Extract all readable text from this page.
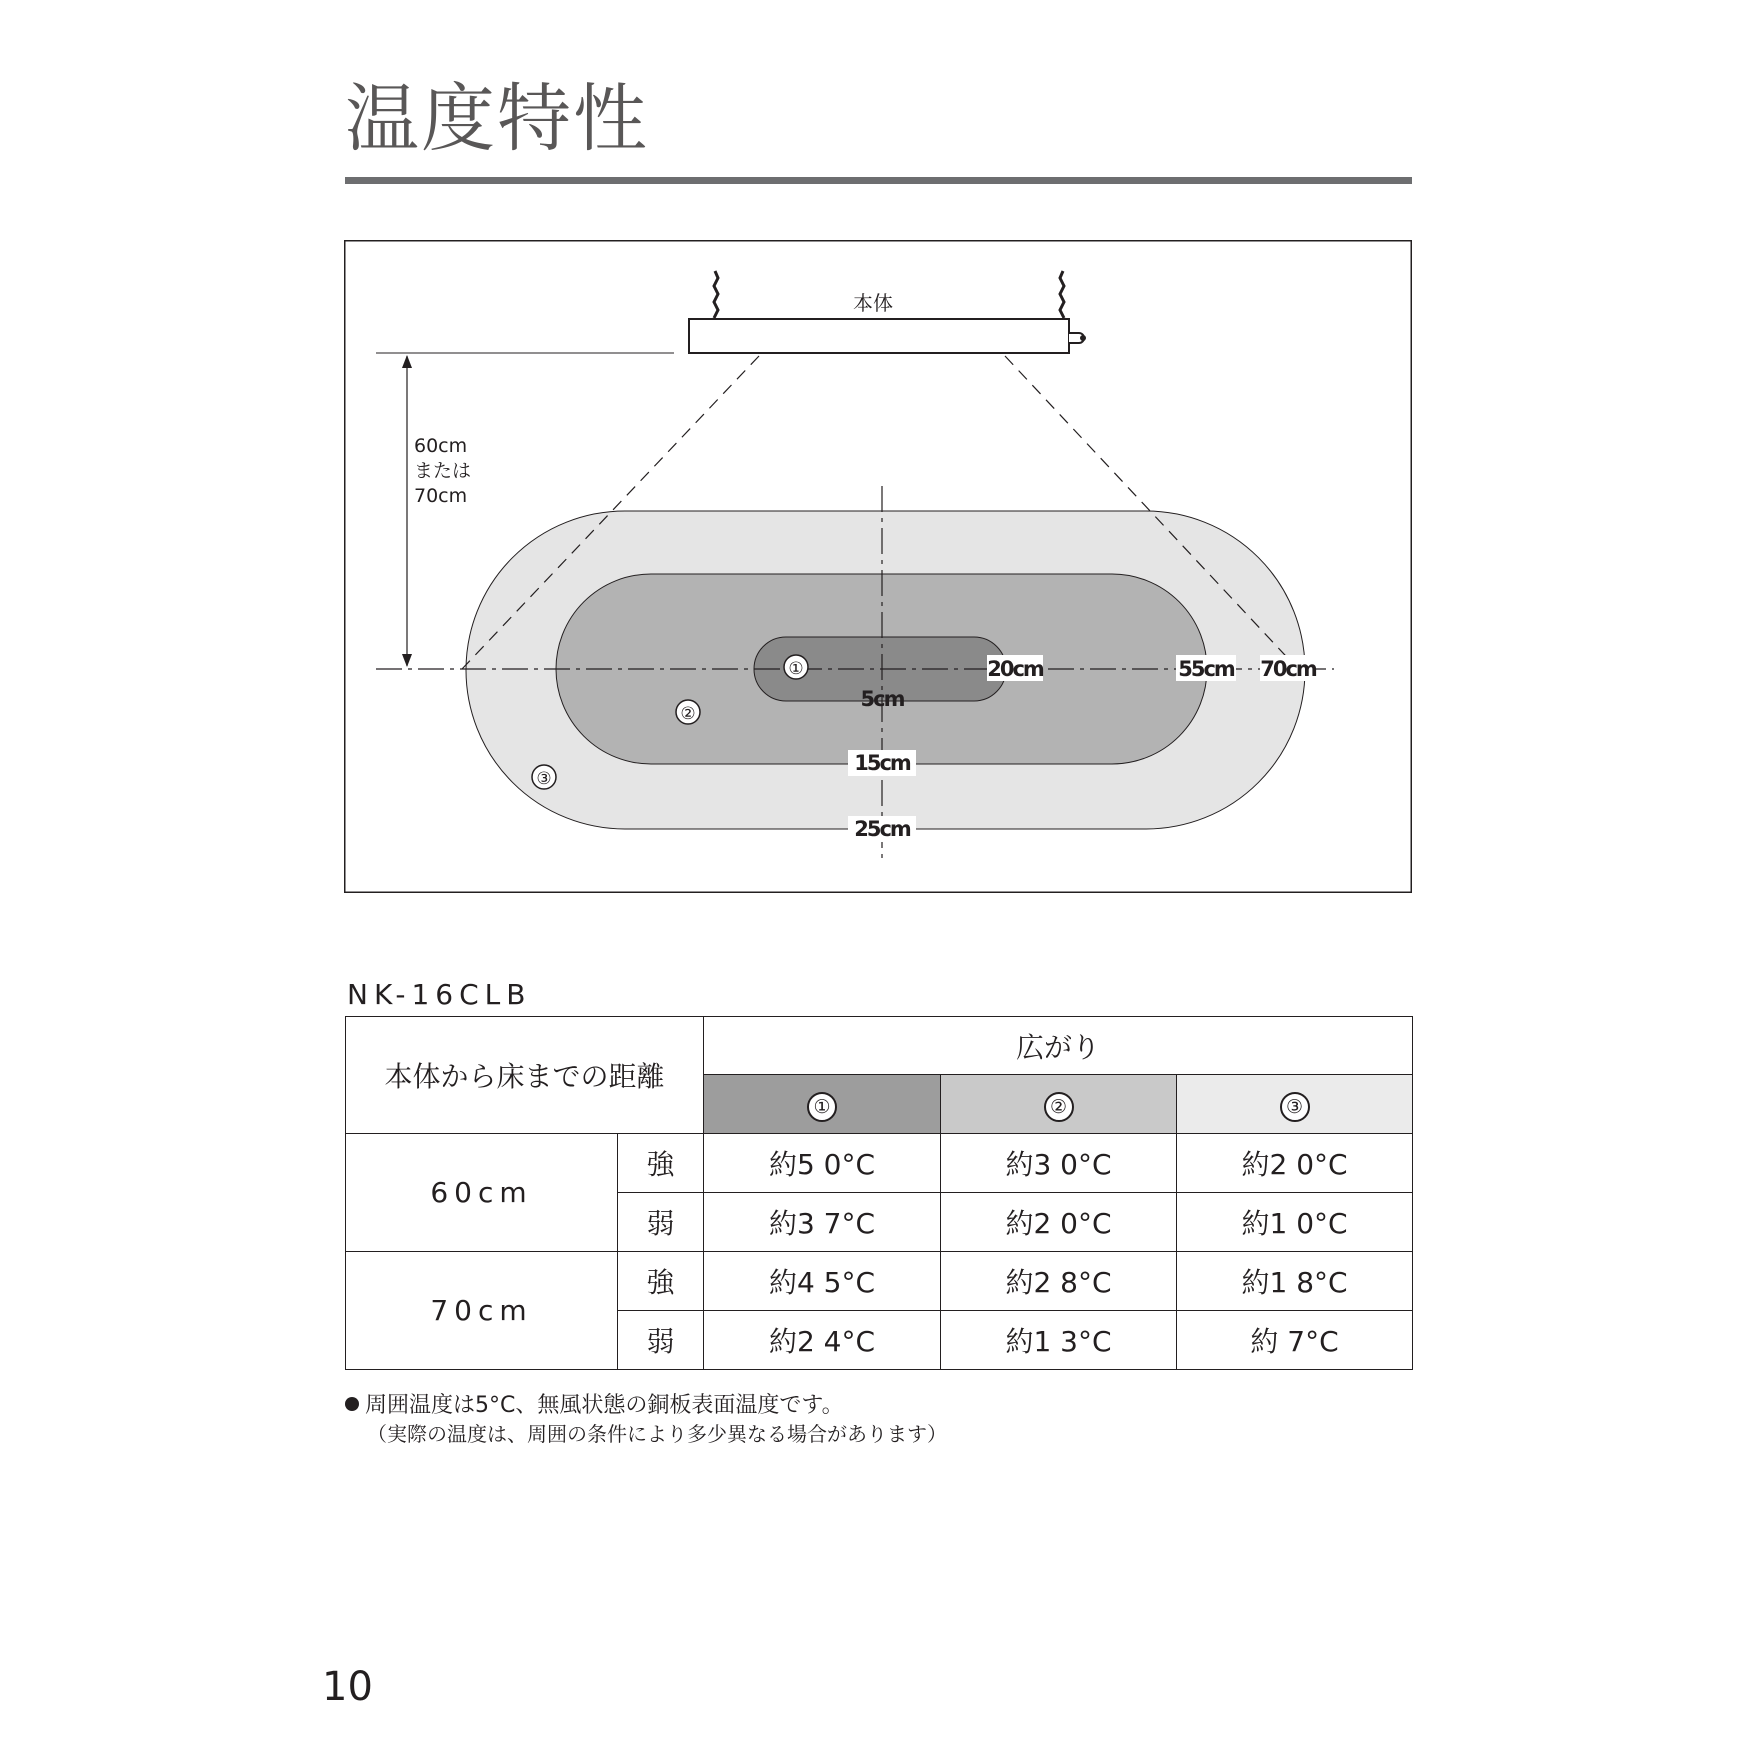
温度特性
本体
60cm
または
70cm
①
②
③
20cm	55cm 70cm
5cm
15cm
25cm
NK-16CLB
本体から床までの距離		広がり		
		①	②	③
60cm	強	約5 0°C	約3 0°C	約2 0°C
	弱	約3 7°C	約2 0°C	約1 0°C
70cm	強	約4 5°C	約2 8°C	約1 8°C
	弱	約2 4°C	約1 3°C	約 7°C
周囲温度は5°C、無風状態の銅板表面温度です。
（実際の温度は、周囲の条件により多少異なる場合があります）
10
